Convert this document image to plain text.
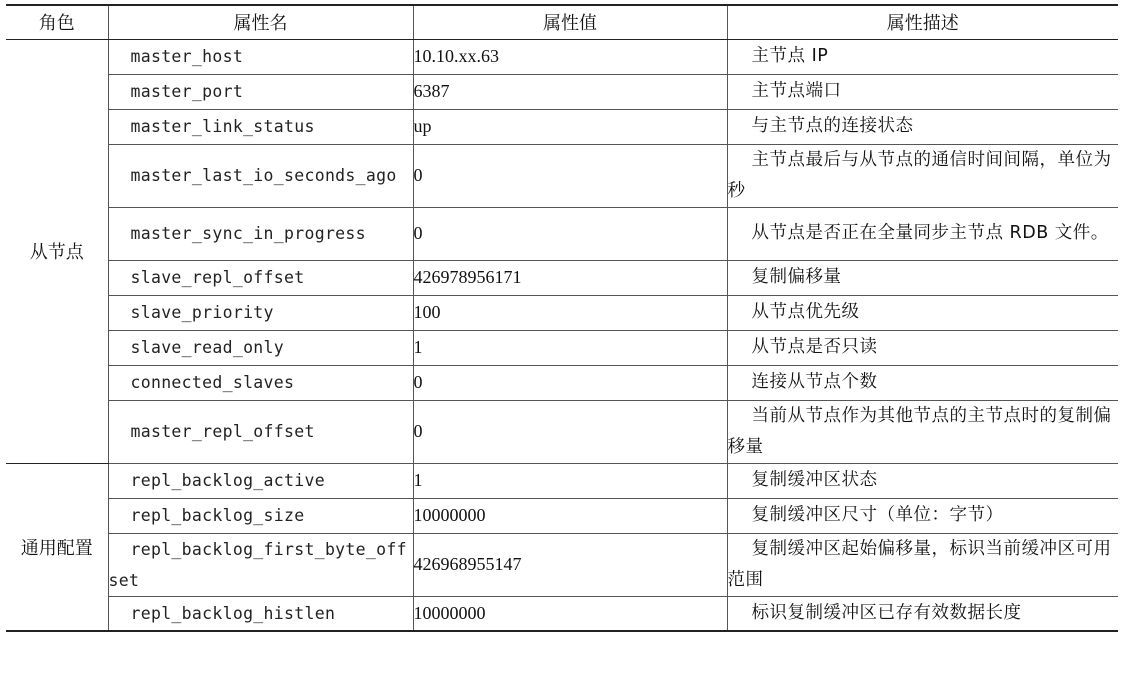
角色	属性名	属性值	属性描述
从节点	master_host	10.10.xx.63	主节点 IP

	master_port	6387	主节点端口

	master_link_status	up	与主节点的连接状态

	master_last_io_seconds_ago	0	主节点最后与从节点的通信时间间隔，单位为秒

	master_sync_in_progress	0	从节点是否正在全量同步主节点 RDB 文件。

	slave_repl_offset	426978956171	复制偏移量

	slave_priority	100	从节点优先级

	slave_read_only	1	从节点是否只读

	connected_slaves	0	连接从节点个数

	master_repl_offset	0	当前从节点作为其他节点的主节点时的复制偏移量

通用配置	repl_backlog_active	1	复制缓冲区状态

	repl_backlog_size	10000000	复制缓冲区尺寸（单位：字节）

	repl_backlog_first_byte_offset	426968955147	复制缓冲区起始偏移量，标识当前缓冲区可用范围

	repl_backlog_histlen	10000000	标识复制缓冲区已存有效数据长度
